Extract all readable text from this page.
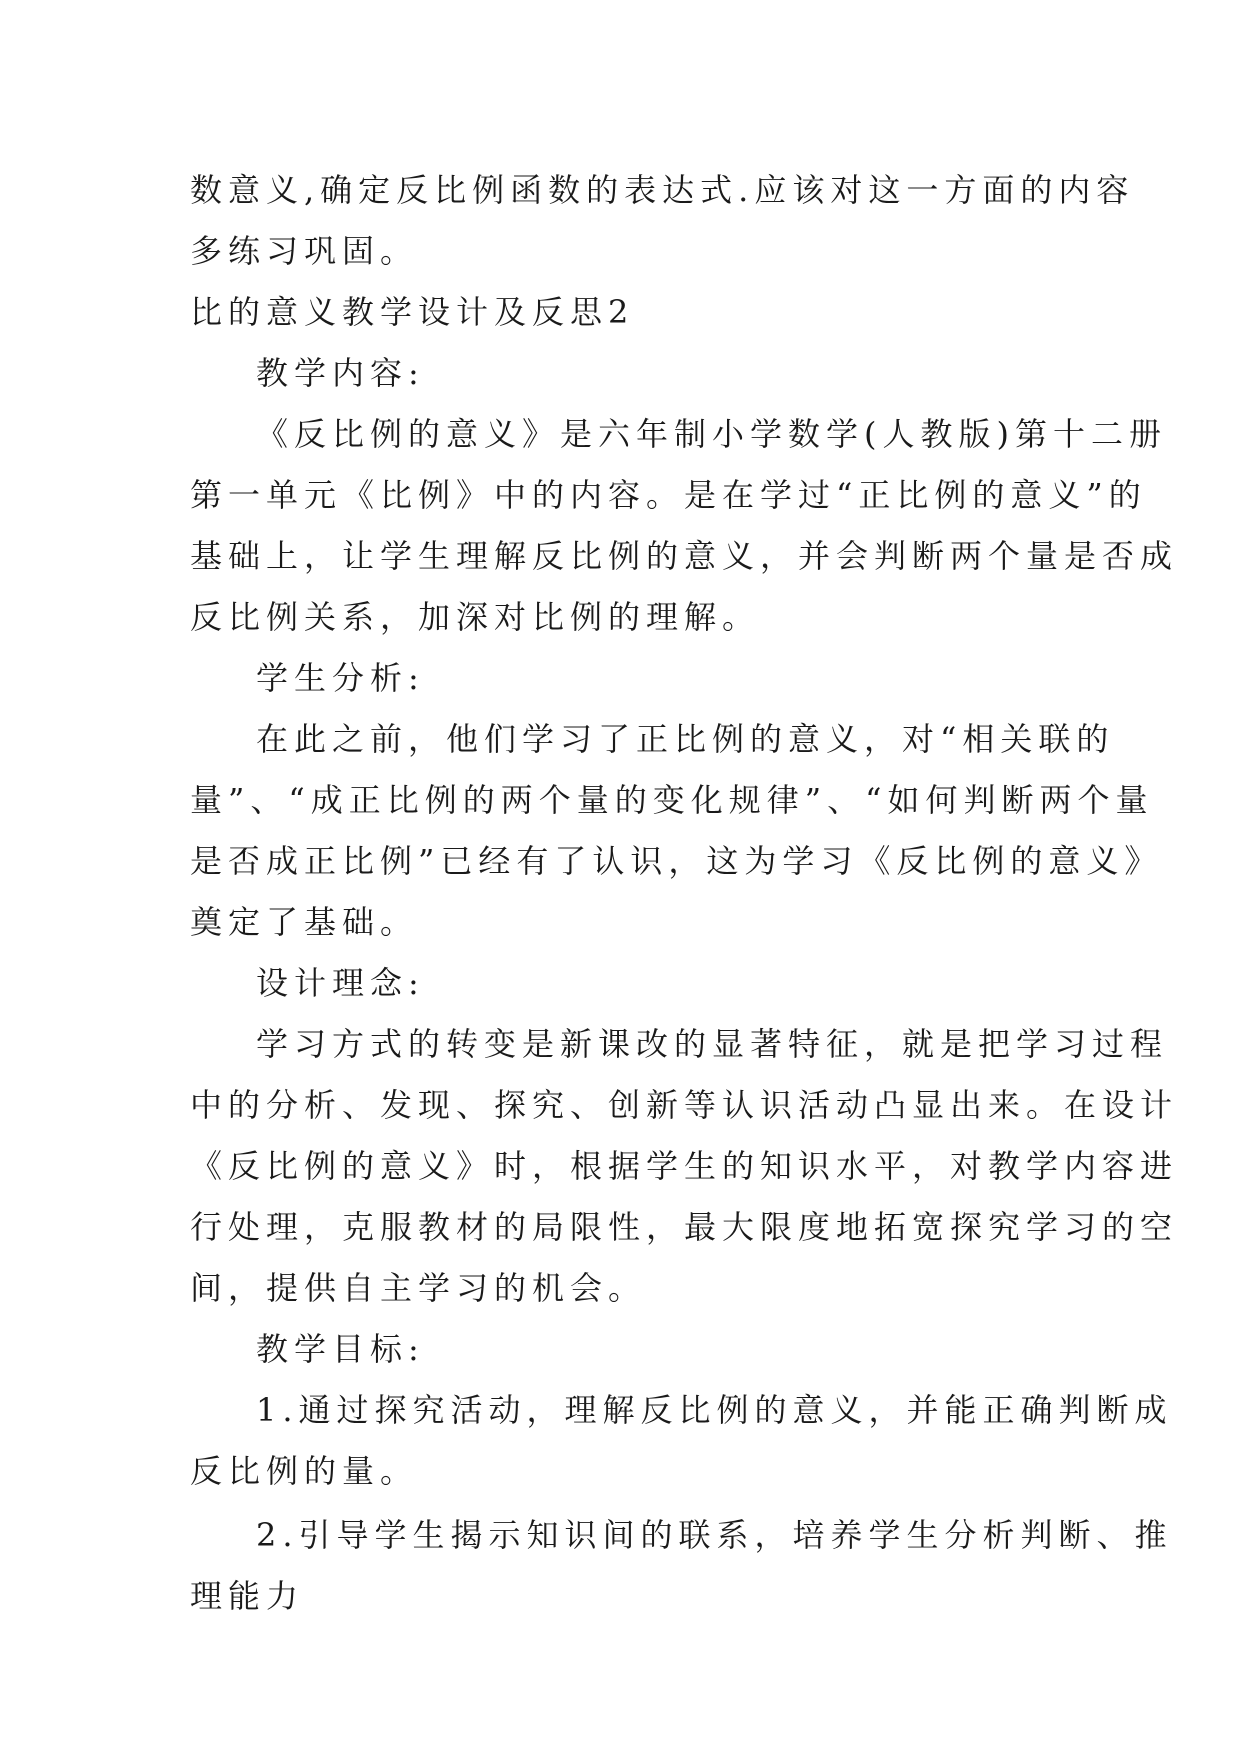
数意义,确定反比例函数的表达式.应该对这一方面的内容
多练习巩固。
比的意义教学设计及反思2
教学内容:
《反比例的意义》是六年制小学数学(人教版)第十二册
第一单元《比例》中的内容。是在学过“正比例的意义”的
基础上，让学生理解反比例的意义，并会判断两个量是否成
反比例关系，加深对比例的理解。
学生分析:
在此之前，他们学习了正比例的意义，对“相关联的
量”、“成正比例的两个量的变化规律”、“如何判断两个量
是否成正比例”已经有了认识，这为学习《反比例的意义》
奠定了基础。
设计理念:
学习方式的转变是新课改的显著特征，就是把学习过程
中的分析、发现、探究、创新等认识活动凸显出来。在设计
《反比例的意义》时，根据学生的知识水平，对教学内容进
行处理，克服教材的局限性，最大限度地拓宽探究学习的空
间，提供自主学习的机会。
教学目标:
1.通过探究活动，理解反比例的意义，并能正确判断成
反比例的量。
2.引导学生揭示知识间的联系，培养学生分析判断、推
理能力
